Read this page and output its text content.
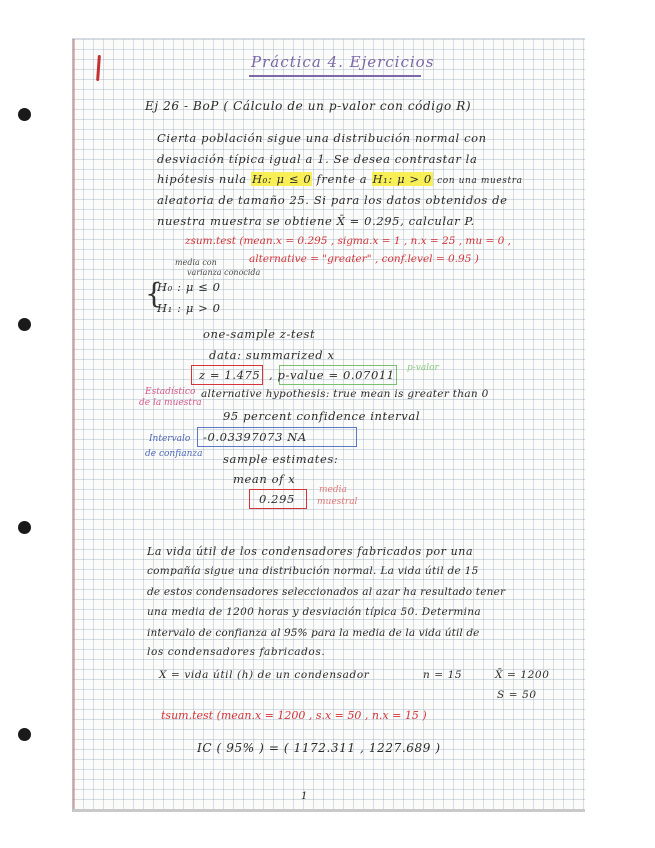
Práctica 4. Ejercicios
Ej 26 - BoP ( Cálculo de un p-valor con código R)
Cierta población sigue una distribución normal con
desviación típica igual a 1. Se desea contrastar la
hipótesis nula H₀: μ ≤ 0 frente a H₁: μ > 0 con una muestra
aleatoria de tamaño 25. Si para los datos obtenidos de
nuestra muestra se obtiene X̄ = 0.295, calcular P.
zsum.test (mean.x = 0.295 , sigma.x = 1 , n.x = 25 , mu = 0 ,
alternative = "greater" , conf.level = 0.95 )
media con
varianza conocida
{
H₀ : μ ≤ 0
H₁ : μ > 0
one-sample z-test
data: summarized x
z = 1.475 , p-value = 0.07011 p-valor
Estadístico
de la muestra
alternative hypothesis: true mean is greater than 0
95 percent confidence interval
-0.03397073 NA
Intervalo
de confianza sample estimates:
mean of x
0.295
media
muestral
La vida útil de los condensadores fabricados por una
compañía sigue una distribución normal. La vida útil de 15
de estos condensadores seleccionados al azar ha resultado tener
una media de 1200 horas y desviación típica 50. Determina
intervalo de confianza al 95% para la media de la vida útil de
los condensadores fabricados.
X = vida útil (h) de un condensador	n = 15	X̄ = 1200
S = 50
tsum.test (mean.x = 1200 , s.x = 50 , n.x = 15 )
IC ( 95% ) = ( 1172.311 , 1227.689 )
1
